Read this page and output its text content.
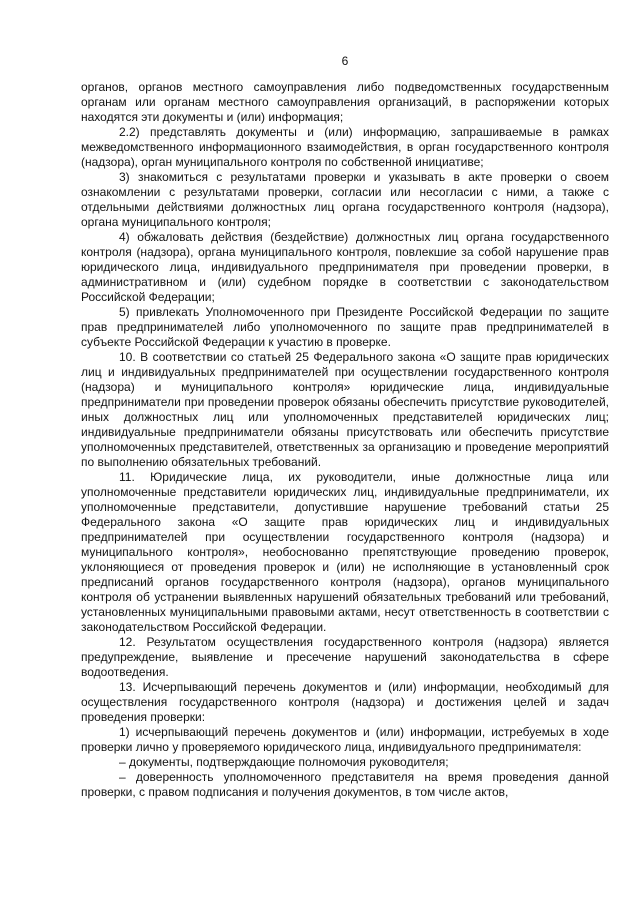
6

органов, органов местного самоуправления либо подведомственных государственным органам или органам местного самоуправления организаций, в распоряжении которых находятся эти документы и (или) информация;

2.2) представлять документы и (или) информацию, запрашиваемые в рамках межведомственного информационного взаимодействия, в орган государственного контроля (надзора), орган муниципального контроля по собственной инициативе;

3) знакомиться с результатами проверки и указывать в акте проверки о своем ознакомлении с результатами проверки, согласии или несогласии с ними, а также с отдельными действиями должностных лиц органа государственного контроля (надзора), органа муниципального контроля;

4) обжаловать действия (бездействие) должностных лиц органа государственного контроля (надзора), органа муниципального контроля, повлекшие за собой нарушение прав юридического лица, индивидуального предпринимателя при проведении проверки, в административном и (или) судебном порядке в соответствии с законодательством Российской Федерации;

5) привлекать Уполномоченного при Президенте Российской Федерации по защите прав предпринимателей либо уполномоченного по защите прав предпринимателей в субъекте Российской Федерации к участию в проверке.

10. В соответствии со статьей 25 Федерального закона «О защите прав юридических лиц и индивидуальных предпринимателей при осуществлении государственного контроля (надзора) и муниципального контроля» юридические лица, индивидуальные предприниматели при проведении проверок обязаны обеспечить присутствие руководителей, иных должностных лиц или уполномоченных представителей юридических лиц; индивидуальные предприниматели обязаны присутствовать или обеспечить присутствие уполномоченных представителей, ответственных за организацию и проведение мероприятий по выполнению обязательных требований.

11. Юридические лица, их руководители, иные должностные лица или уполномоченные представители юридических лиц, индивидуальные предприниматели, их уполномоченные представители, допустившие нарушение требований статьи 25 Федерального закона «О защите прав юридических лиц и индивидуальных предпринимателей при осуществлении государственного контроля (надзора) и муниципального контроля», необоснованно препятствующие проведению проверок, уклоняющиеся от проведения проверок и (или) не исполняющие в установленный срок предписаний органов государственного контроля (надзора), органов муниципального контроля об устранении выявленных нарушений обязательных требований или требований, установленных муниципальными правовыми актами, несут ответственность в соответствии с законодательством Российской Федерации.

12. Результатом осуществления государственного контроля (надзора) является предупреждение, выявление и пресечение нарушений законодательства в сфере водоотведения.

13. Исчерпывающий перечень документов и (или) информации, необходимый для осуществления государственного контроля (надзора) и достижения целей и задач проведения проверки:

1) исчерпывающий перечень документов и (или) информации, истребуемых в ходе проверки лично у проверяемого юридического лица, индивидуального предпринимателя:

– документы, подтверждающие полномочия руководителя;

– доверенность уполномоченного представителя на время проведения данной проверки, с правом подписания и получения документов, в том числе актов,
